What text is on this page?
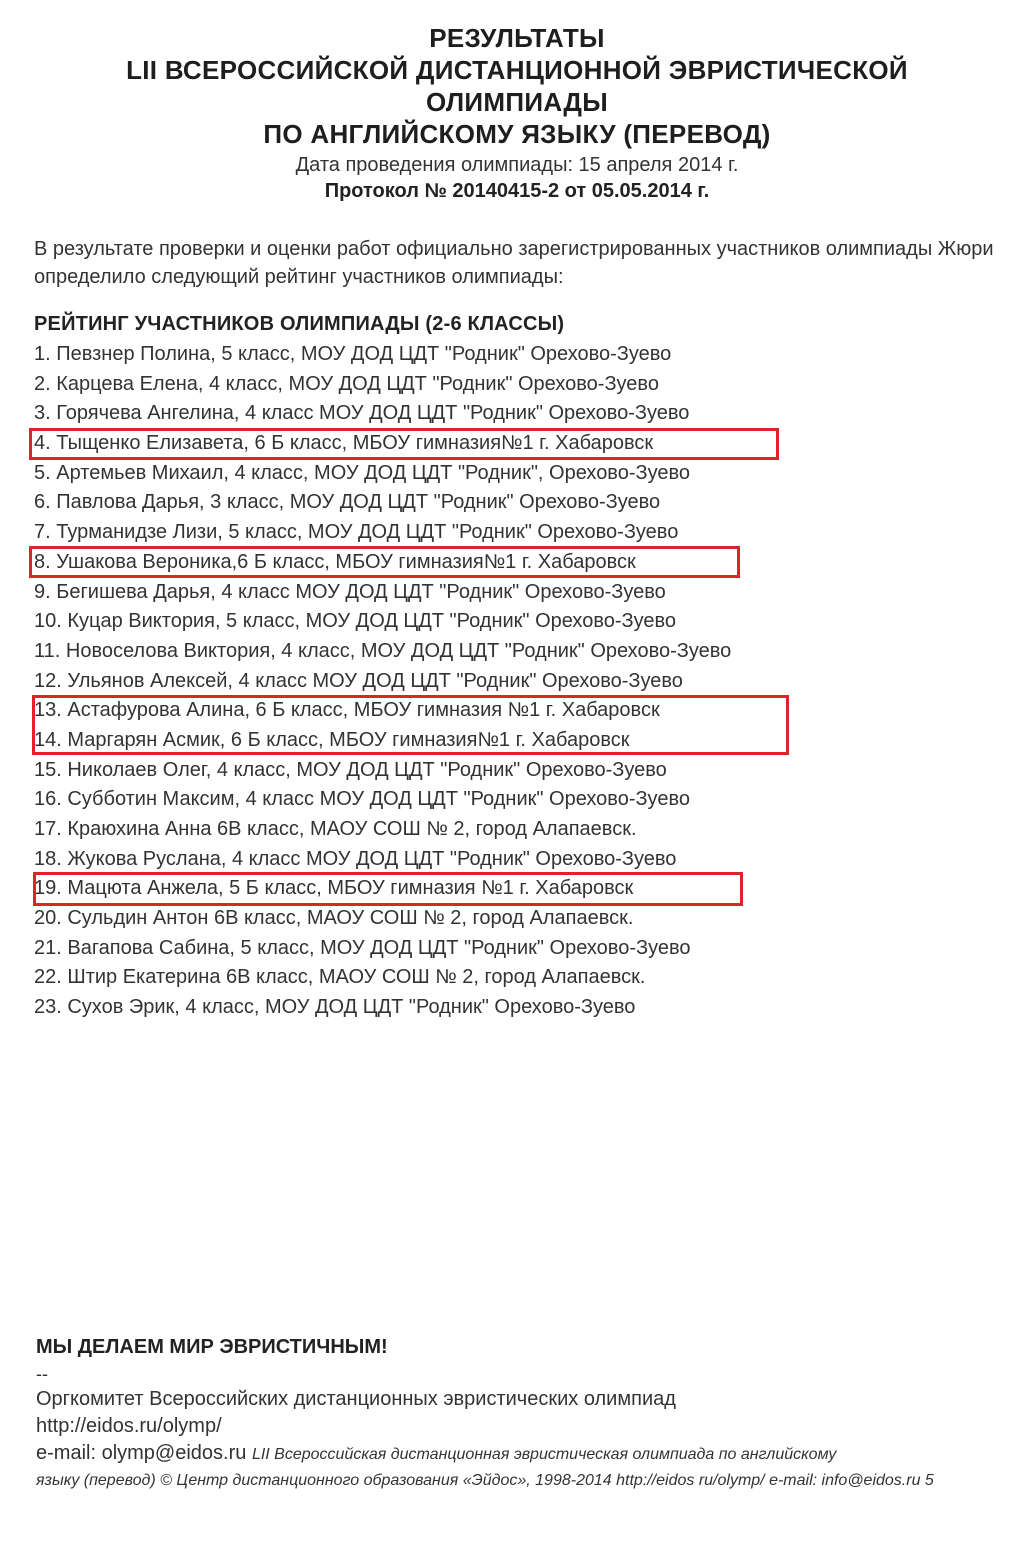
РЕЗУЛЬТАТЫ
LII ВСЕРОССИЙСКОЙ ДИСТАНЦИОННОЙ ЭВРИСТИЧЕСКОЙ
ОЛИМПИАДЫ
ПО АНГЛИЙСКОМУ ЯЗЫКУ (ПЕРЕВОД)
Дата проведения олимпиады: 15 апреля 2014 г.
Протокол № 20140415-2 от 05.05.2014 г.
В результате проверки и оценки работ официально зарегистрированных участников олимпиады Жюри определило следующий рейтинг участников олимпиады:
РЕЙТИНГ УЧАСТНИКОВ ОЛИМПИАДЫ (2-6 КЛАССЫ)
1. Певзнер Полина, 5 класс, МОУ ДОД ЦДТ "Родник" Орехово-Зуево
2. Карцева Елена, 4 класс, МОУ ДОД ЦДТ "Родник" Орехово-Зуево
3. Горячева Ангелина, 4 класс МОУ ДОД ЦДТ "Родник" Орехово-Зуево
4. Тыщенко Елизавета, 6 Б класс, МБОУ гимназия№1 г. Хабаровск
5. Артемьев Михаил, 4 класс, МОУ ДОД ЦДТ "Родник", Орехово-Зуево
6. Павлова Дарья, 3 класс, МОУ ДОД ЦДТ "Родник" Орехово-Зуево
7. Турманидзе Лизи, 5 класс, МОУ ДОД ЦДТ "Родник" Орехово-Зуево
8. Ушакова Вероника,6 Б класс, МБОУ гимназия№1 г. Хабаровск
9. Бегишева Дарья, 4 класс МОУ ДОД ЦДТ "Родник" Орехово-Зуево
10. Куцар Виктория, 5 класс, МОУ ДОД ЦДТ "Родник" Орехово-Зуево
11. Новоселова Виктория, 4 класс, МОУ ДОД ЦДТ "Родник" Орехово-Зуево
12. Ульянов Алексей, 4 класс МОУ ДОД ЦДТ "Родник" Орехово-Зуево
13. Астафурова Алина, 6 Б класс, МБОУ гимназия №1 г. Хабаровск
14. Маргарян Асмик, 6 Б класс, МБОУ гимназия№1 г. Хабаровск
15. Николаев Олег, 4 класс, МОУ ДОД ЦДТ "Родник" Орехово-Зуево
16. Субботин Максим, 4 класс МОУ ДОД ЦДТ "Родник" Орехово-Зуево
17. Краюхина Анна 6В класс, МАОУ СОШ № 2, город Алапаевск.
18. Жукова Руслана, 4 класс МОУ ДОД ЦДТ "Родник" Орехово-Зуево
19. Мацюта Анжела, 5 Б класс, МБОУ гимназия №1 г. Хабаровск
20. Сульдин Антон 6В класс, МАОУ СОШ № 2, город Алапаевск.
21. Вагапова Сабина, 5 класс, МОУ ДОД ЦДТ "Родник" Орехово-Зуево
22. Штир Екатерина 6В класс, МАОУ СОШ № 2, город Алапаевск.
23. Сухов Эрик, 4 класс, МОУ ДОД ЦДТ "Родник" Орехово-Зуево
МЫ ДЕЛАЕМ МИР ЭВРИСТИЧНЫМ!
--
Оргкомитет Всероссийских дистанционных эвристических олимпиад
http://eidos.ru/olymp/
e-mail: olymp@eidos.ru LII Всероссийская дистанционная эвристическая олимпиада по английскому
языку (перевод) © Центр дистанционного образования «Эйдос», 1998-2014 http://eidos ru/olymp/ e-mail: info@eidos.ru 5
